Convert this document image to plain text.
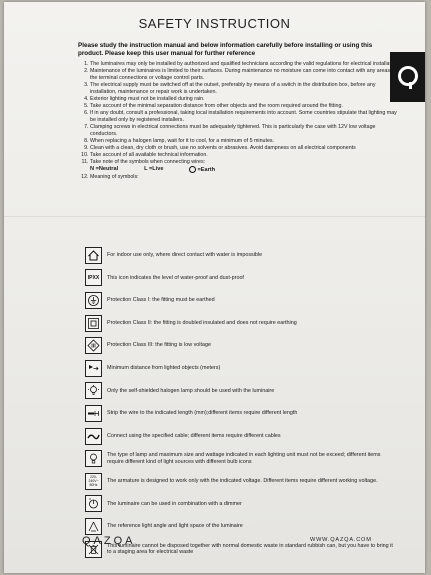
SAFETY INSTRUCTION
Please study the instruction manual and below information carefully before installing or using this product. Please keep this user manual for further reference
1. The luminaires may only be installed by authorized and qualified technicians according the valid regulations for electrical installation.
2. Maintenance of the luminaires is limited to their surfaces. During maintenance no moisture can come into contact with any areas of the terminal connections or voltage control parts.
3. The electrical supply must be switched off at the outset, preferably by means of a switch in the distribution box, before any installation, maintenance or repair work is undertaken.
4. Exterior lighting must not be installed during rain.
5. Take account of the minimal separation distance from other objects and the room required around the fitting.
6. If in any doubt, consult a professional, taking local installation requirements into account. Some countries stipulate that lighting may be installed only by registered installers.
7. Clamping screws in electrical connections must be adequately tightened. This is particularly the case with 12V low voltage conductors.
8. When replacing a halogen lamp, wait for it to cool, for a minimum of 5 minutes.
9. Clean with a clean, dry cloth or brush, use no solvents or abrasives. Avoid dampness on all electrical components
10. Take account of all available technical information.
11. Take note of the symbols when connecting wires:
N =Neutral	L =Live	=Earth
12. Meaning of symbols:
For indoor use only, where direct contact with water is impossible
IPXX This icon indicates the level of water-proof and dust-proof
Protection Class I: the fitting must be earthed
Protection Class II: the fitting is doubled insulated and does not require earthing
Protection Class III: the fitting is low voltage
Minimum distance from lighted objects (meters)
Only the self-shielded halogen lamp should be used with the luminaire
Strip the wire to the indicated length (mm);different items require different length
Connect using the specified cable; different items require different cables
The type of lamp and maximum size and wattage indicated in each lighting unit must not be exceed; different items require different kind of light sources with different bulb icons
220-240V~ 50Hz
The armature is designed to work only with the indicated voltage. Different items require different working voltage.
The luminaire can be used in combination with a dimmer
The reference light angle and light space of the luminaire
This luminaire cannot be disposed together with normal domestic waste in standard rubbish can, but you have to bring it to a staging area for electrical waste
QAZQA	WWW.QAZQA.COM
